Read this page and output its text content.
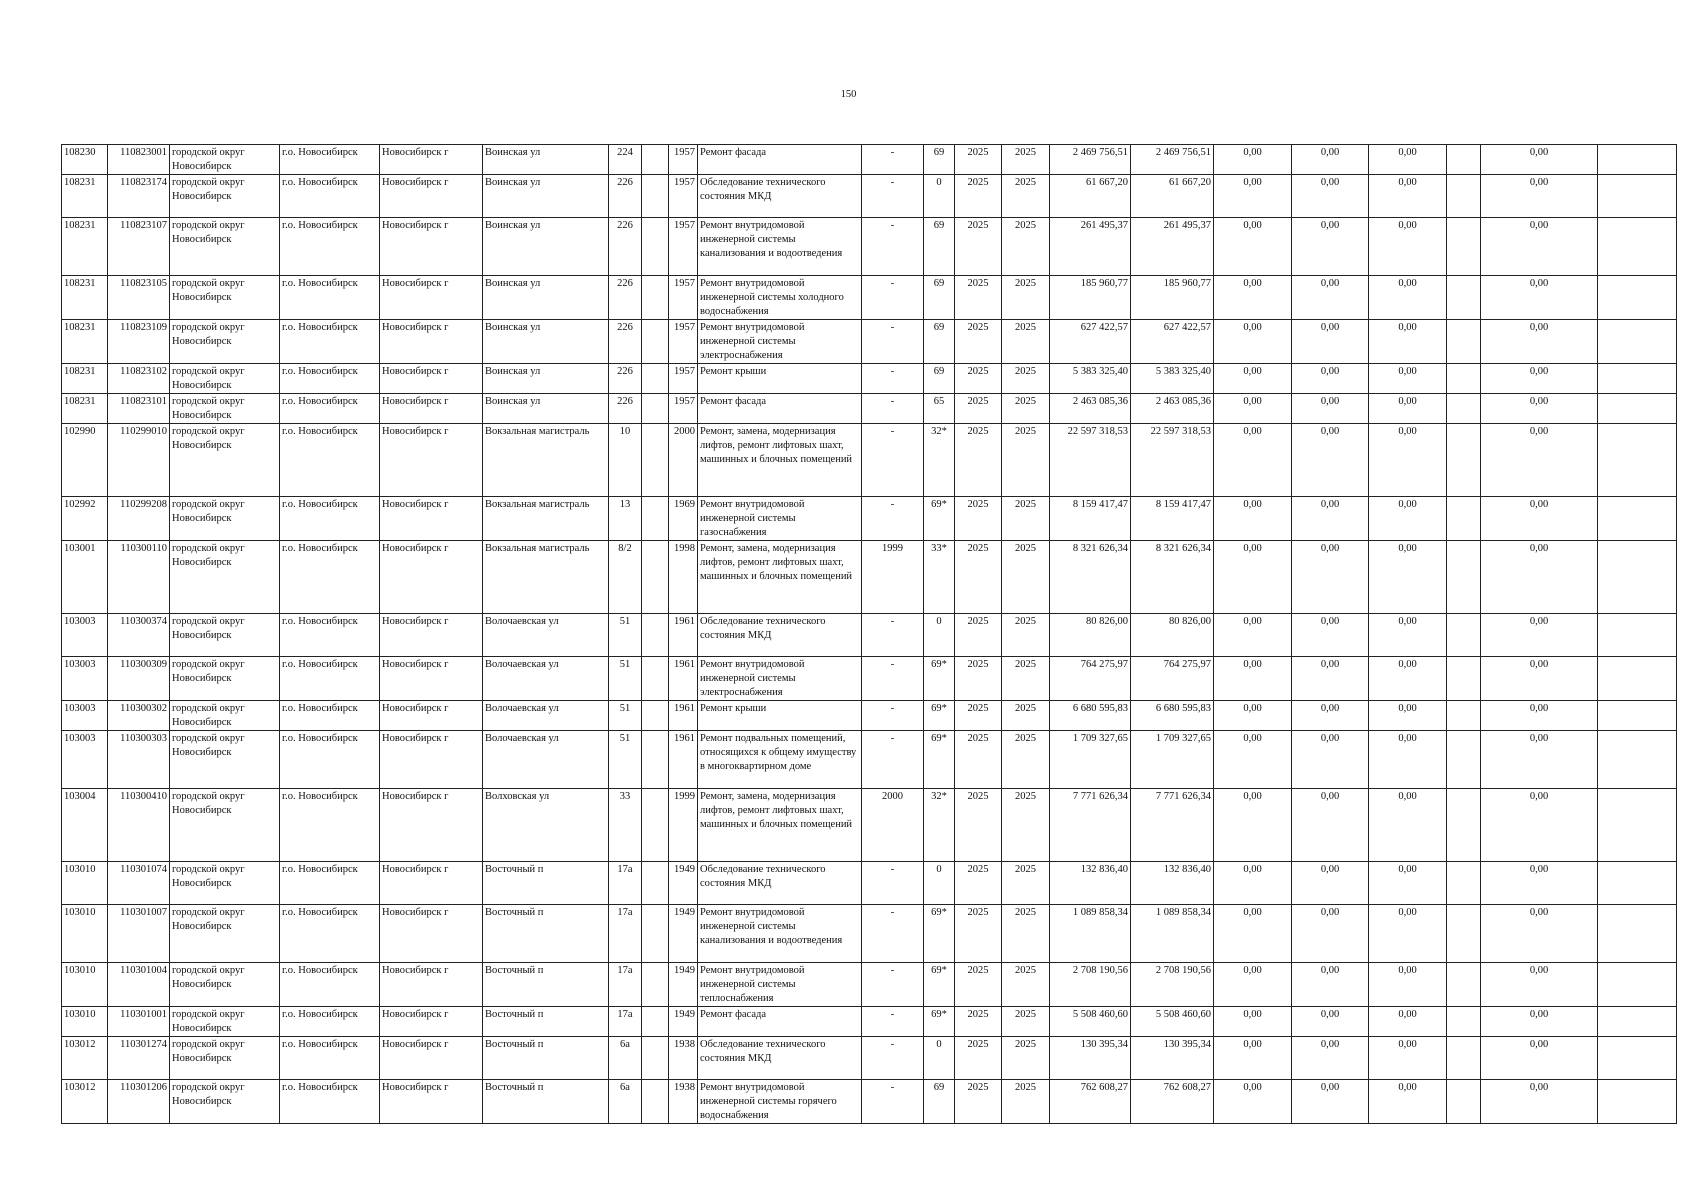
150
108230	110823001	городской округ Новосибирск	г.о. Новосибирск	Новосибирск г	Воинская ул	224		1957	Ремонт фасада	-	69	2025	2025	2 469 756,51	2 469 756,51	0,00	0,00	0,00		0,00	
108231	110823174	городской округ Новосибирск	г.о. Новосибирск	Новосибирск г	Воинская ул	226		1957	Обследование технического состояния МКД	-	0	2025	2025	61 667,20	61 667,20	0,00	0,00	0,00		0,00	
108231	110823107	городской округ Новосибирск	г.о. Новосибирск	Новосибирск г	Воинская ул	226		1957	Ремонт внутридомовой инженерной системы канализования и водоотведения	-	69	2025	2025	261 495,37	261 495,37	0,00	0,00	0,00		0,00	
108231	110823105	городской округ Новосибирск	г.о. Новосибирск	Новосибирск г	Воинская ул	226		1957	Ремонт внутридомовой инженерной системы холодного водоснабжения	-	69	2025	2025	185 960,77	185 960,77	0,00	0,00	0,00		0,00	
108231	110823109	городской округ Новосибирск	г.о. Новосибирск	Новосибирск г	Воинская ул	226		1957	Ремонт внутридомовой инженерной системы электроснабжения	-	69	2025	2025	627 422,57	627 422,57	0,00	0,00	0,00		0,00	
108231	110823102	городской округ Новосибирск	г.о. Новосибирск	Новосибирск г	Воинская ул	226		1957	Ремонт крыши	-	69	2025	2025	5 383 325,40	5 383 325,40	0,00	0,00	0,00		0,00	
108231	110823101	городской округ Новосибирск	г.о. Новосибирск	Новосибирск г	Воинская ул	226		1957	Ремонт фасада	-	65	2025	2025	2 463 085,36	2 463 085,36	0,00	0,00	0,00		0,00	
102990	110299010	городской округ Новосибирск	г.о. Новосибирск	Новосибирск г	Вокзальная магистраль	10		2000	Ремонт, замена, модернизация лифтов, ремонт лифтовых шахт, машинных и блочных помещений	-	32*	2025	2025	22 597 318,53	22 597 318,53	0,00	0,00	0,00		0,00	
102992	110299208	городской округ Новосибирск	г.о. Новосибирск	Новосибирск г	Вокзальная магистраль	13		1969	Ремонт внутридомовой инженерной системы газоснабжения	-	69*	2025	2025	8 159 417,47	8 159 417,47	0,00	0,00	0,00		0,00	
103001	110300110	городской округ Новосибирск	г.о. Новосибирск	Новосибирск г	Вокзальная магистраль	8/2		1998	Ремонт, замена, модернизация лифтов, ремонт лифтовых шахт, машинных и блочных помещений	1999	33*	2025	2025	8 321 626,34	8 321 626,34	0,00	0,00	0,00		0,00	
103003	110300374	городской округ Новосибирск	г.о. Новосибирск	Новосибирск г	Волочаевская ул	51		1961	Обследование технического состояния МКД	-	0	2025	2025	80 826,00	80 826,00	0,00	0,00	0,00		0,00	
103003	110300309	городской округ Новосибирск	г.о. Новосибирск	Новосибирск г	Волочаевская ул	51		1961	Ремонт внутридомовой инженерной системы электроснабжения	-	69*	2025	2025	764 275,97	764 275,97	0,00	0,00	0,00		0,00	
103003	110300302	городской округ Новосибирск	г.о. Новосибирск	Новосибирск г	Волочаевская ул	51		1961	Ремонт крыши	-	69*	2025	2025	6 680 595,83	6 680 595,83	0,00	0,00	0,00		0,00	
103003	110300303	городской округ Новосибирск	г.о. Новосибирск	Новосибирск г	Волочаевская ул	51		1961	Ремонт подвальных помещений, относящихся к общему имуществу в многоквартирном доме	-	69*	2025	2025	1 709 327,65	1 709 327,65	0,00	0,00	0,00		0,00	
103004	110300410	городской округ Новосибирск	г.о. Новосибирск	Новосибирск г	Волховская ул	33		1999	Ремонт, замена, модернизация лифтов, ремонт лифтовых шахт, машинных и блочных помещений	2000	32*	2025	2025	7 771 626,34	7 771 626,34	0,00	0,00	0,00		0,00	
103010	110301074	городской округ Новосибирск	г.о. Новосибирск	Новосибирск г	Восточный п	17а		1949	Обследование технического состояния МКД	-	0	2025	2025	132 836,40	132 836,40	0,00	0,00	0,00		0,00	
103010	110301007	городской округ Новосибирск	г.о. Новосибирск	Новосибирск г	Восточный п	17а		1949	Ремонт внутридомовой инженерной системы канализования и водоотведения	-	69*	2025	2025	1 089 858,34	1 089 858,34	0,00	0,00	0,00		0,00	
103010	110301004	городской округ Новосибирск	г.о. Новосибирск	Новосибирск г	Восточный п	17а		1949	Ремонт внутридомовой инженерной системы теплоснабжения	-	69*	2025	2025	2 708 190,56	2 708 190,56	0,00	0,00	0,00		0,00	
103010	110301001	городской округ Новосибирск	г.о. Новосибирск	Новосибирск г	Восточный п	17а		1949	Ремонт фасада	-	69*	2025	2025	5 508 460,60	5 508 460,60	0,00	0,00	0,00		0,00	
103012	110301274	городской округ Новосибирск	г.о. Новосибирск	Новосибирск г	Восточный п	6а		1938	Обследование технического состояния МКД	-	0	2025	2025	130 395,34	130 395,34	0,00	0,00	0,00		0,00	
103012	110301206	городской округ Новосибирск	г.о. Новосибирск	Новосибирск г	Восточный п	6а		1938	Ремонт внутридомовой инженерной системы горячего водоснабжения	-	69	2025	2025	762 608,27	762 608,27	0,00	0,00	0,00		0,00	
